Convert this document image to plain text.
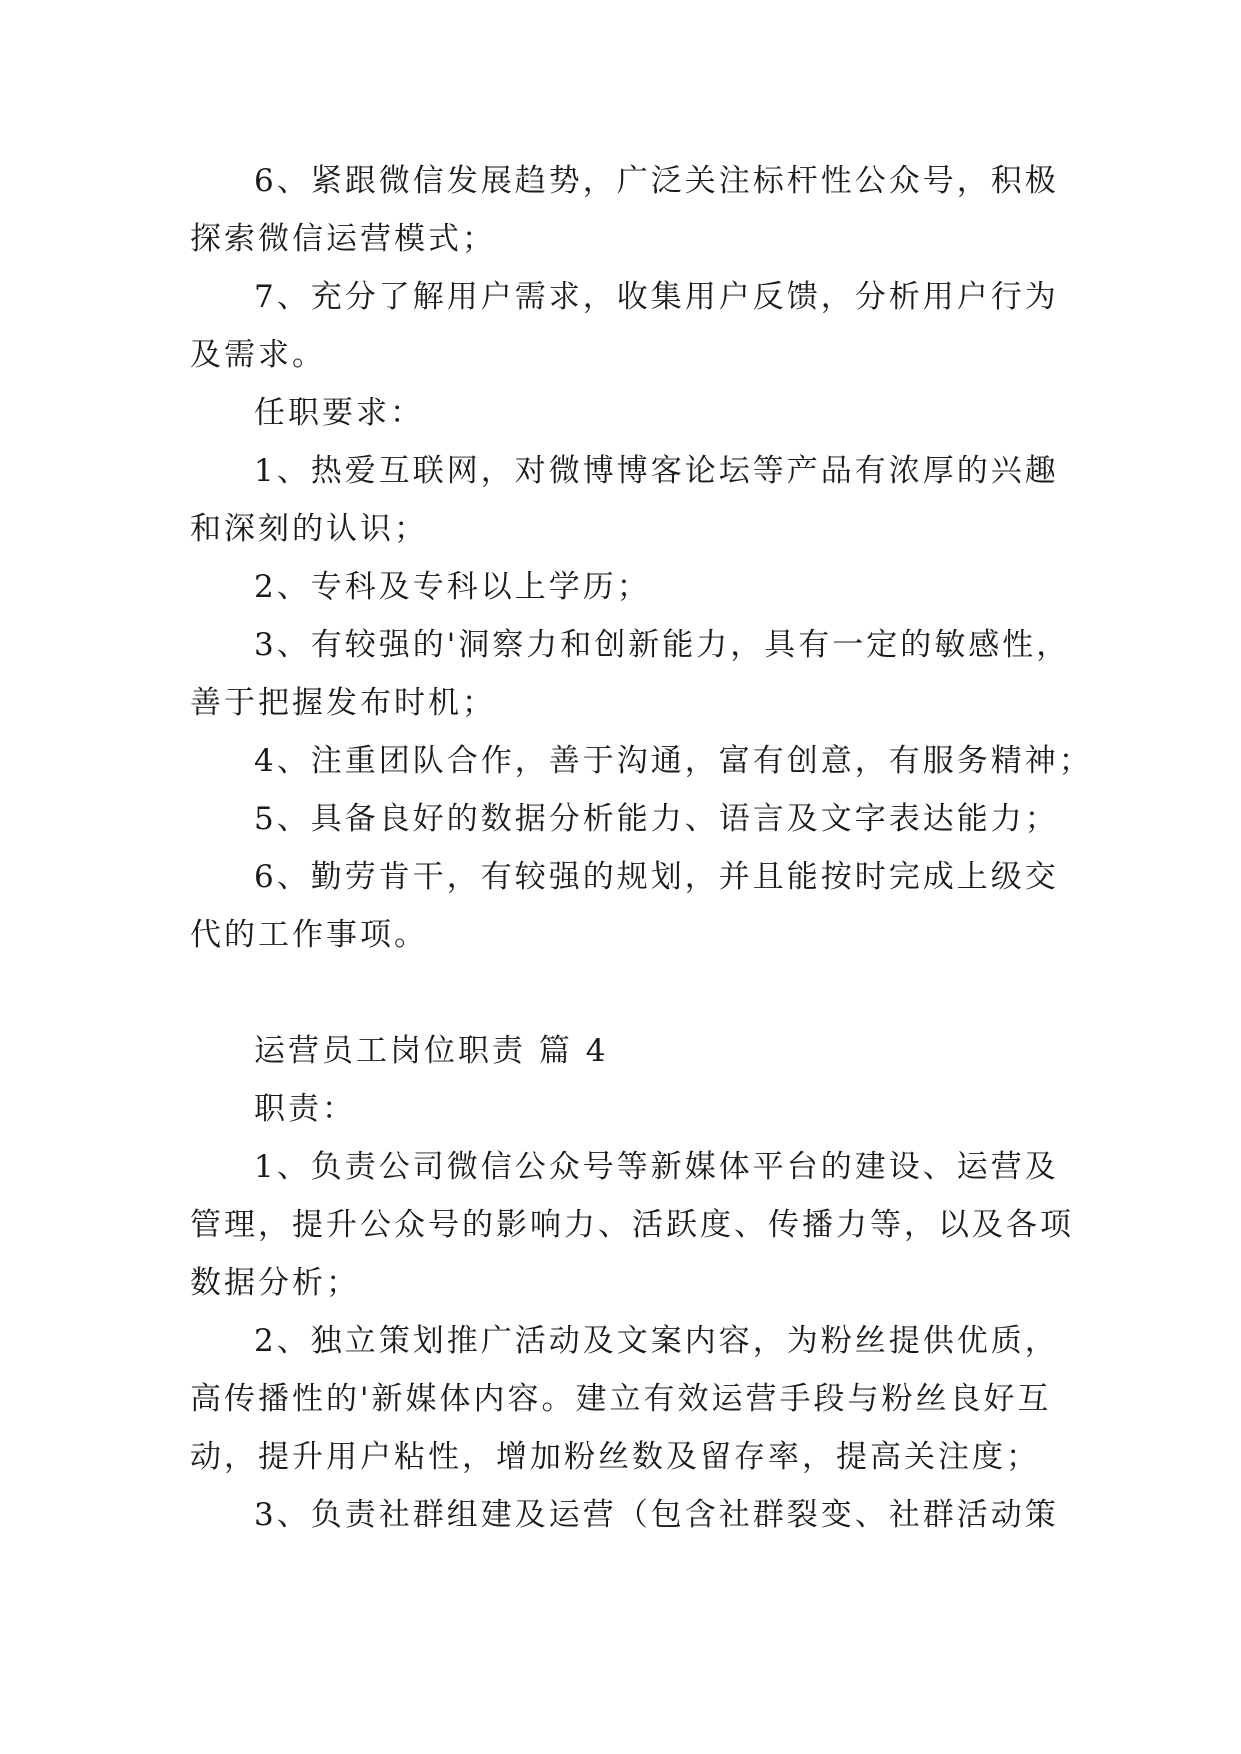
6、紧跟微信发展趋势，广泛关注标杆性公众号，积极
探索微信运营模式；
7、充分了解用户需求，收集用户反馈，分析用户行为
及需求。
任职要求：
1、热爱互联网，对微博博客论坛等产品有浓厚的兴趣
和深刻的认识；
2、专科及专科以上学历；
3、有较强的'洞察力和创新能力，具有一定的敏感性，
善于把握发布时机；
4、注重团队合作，善于沟通，富有创意，有服务精神；
5、具备良好的数据分析能力、语言及文字表达能力；
6、勤劳肯干，有较强的规划，并且能按时完成上级交
代的工作事项。
运营员工岗位职责 篇 4
职责：
1、负责公司微信公众号等新媒体平台的建设、运营及
管理，提升公众号的影响力、活跃度、传播力等，以及各项
数据分析；
2、独立策划推广活动及文案内容，为粉丝提供优质，
高传播性的'新媒体内容。建立有效运营手段与粉丝良好互
动，提升用户粘性，增加粉丝数及留存率，提高关注度；
3、负责社群组建及运营（包含社群裂变、社群活动策
